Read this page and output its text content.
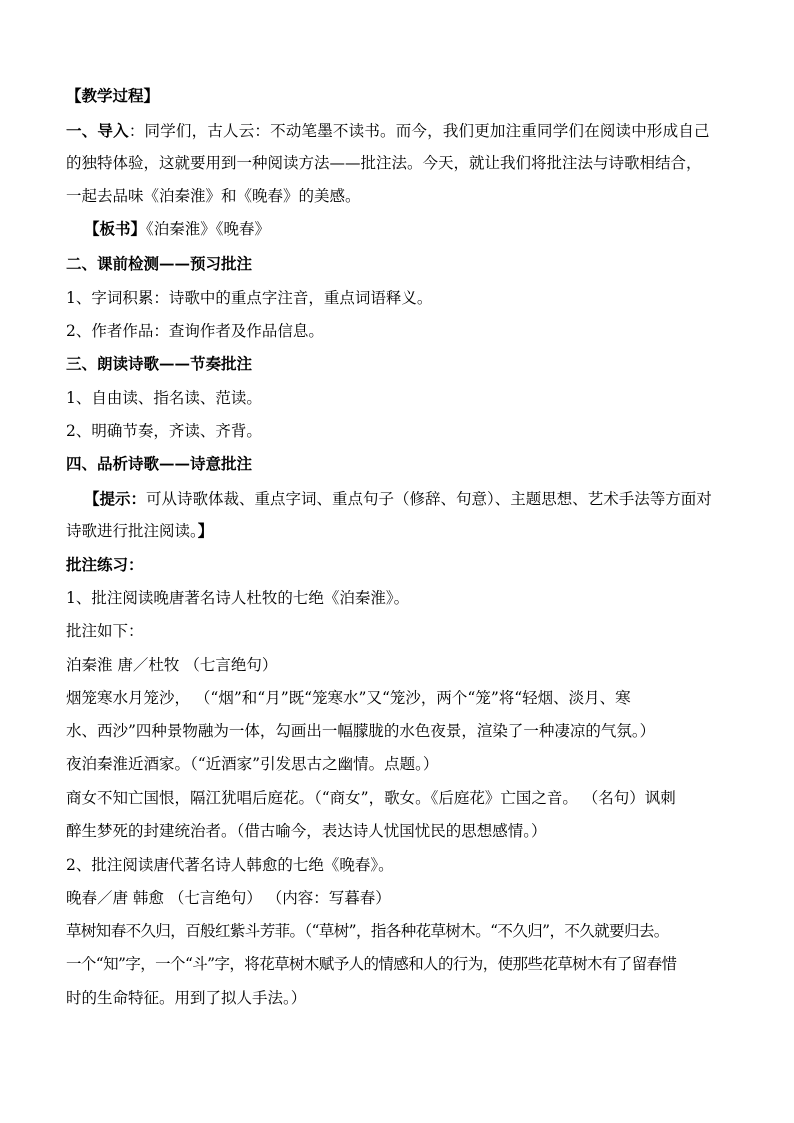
【教学过程】
一、导入：同学们，古人云：不动笔墨不读书。而今，我们更加注重同学们在阅读中形成自己
的独特体验，这就要用到一种阅读方法——批注法。今天，就让我们将批注法与诗歌相结合，
一起去品味《泊秦淮》和《晚春》的美感。
【板书】《泊秦淮》《晚春》
二、课前检测——预习批注
1、字词积累：诗歌中的重点字注音，重点词语释义。
2、作者作品：查询作者及作品信息。
三、朗读诗歌——节奏批注
1、自由读、指名读、范读。
2、明确节奏，齐读、齐背。
四、品析诗歌——诗意批注
【提示：可从诗歌体裁、重点字词、重点句子（修辞、句意）、主题思想、艺术手法等方面对
诗歌进行批注阅读。】
批注练习：
1、批注阅读晚唐著名诗人杜牧的七绝《泊秦淮》。
批注如下：
泊秦淮 唐／杜牧 （七言绝句）
烟笼寒水月笼沙， （“烟”和“月”既“笼寒水”又“笼沙，两个“笼”将“轻烟、淡月、寒
水、西沙”四种景物融为一体，勾画出一幅朦胧的水色夜景，渲染了一种凄凉的气氛。）
夜泊秦淮近酒家。（“近酒家”引发思古之幽情。点题。）
商女不知亡国恨，隔江犹唱后庭花。（“商女”，歌女。《后庭花》亡国之音。 （名句）讽刺
醉生梦死的封建统治者。（借古喻今，表达诗人忧国忧民的思想感情。）
2、批注阅读唐代著名诗人韩愈的七绝《晚春》。
晚春／唐 韩愈 （七言绝句） （内容：写暮春）
草树知春不久归，百般红紫斗芳菲。（“草树”，指各种花草树木。“不久归”，不久就要归去。
一个“知”字，一个“斗”字，将花草树木赋予人的情感和人的行为，使那些花草树木有了留春惜
时的生命特征。用到了拟人手法。）
